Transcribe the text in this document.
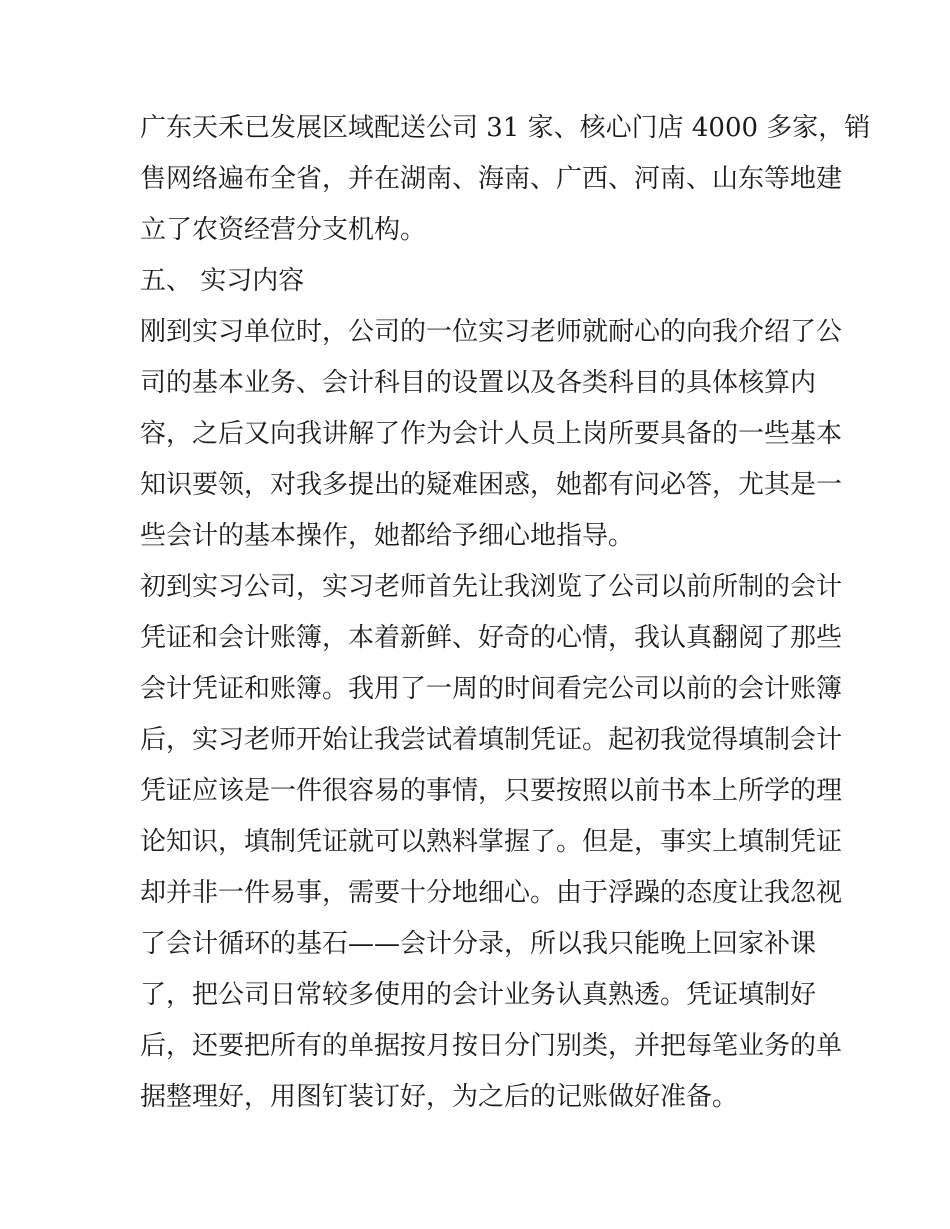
广东天禾已发展区域配送公司 31 家、核心门店 4000 多家，销
售网络遍布全省，并在湖南、海南、广西、河南、山东等地建
立了农资经营分支机构。
五、 实习内容
刚到实习单位时，公司的一位实习老师就耐心的向我介绍了公
司的基本业务、会计科目的设置以及各类科目的具体核算内
容，之后又向我讲解了作为会计人员上岗所要具备的一些基本
知识要领，对我多提出的疑难困惑，她都有问必答，尤其是一
些会计的基本操作，她都给予细心地指导。
初到实习公司，实习老师首先让我浏览了公司以前所制的会计
凭证和会计账簿，本着新鲜、好奇的心情，我认真翻阅了那些
会计凭证和账簿。我用了一周的时间看完公司以前的会计账簿
后，实习老师开始让我尝试着填制凭证。起初我觉得填制会计
凭证应该是一件很容易的事情，只要按照以前书本上所学的理
论知识，填制凭证就可以熟料掌握了。但是，事实上填制凭证
却并非一件易事，需要十分地细心。由于浮躁的态度让我忽视
了会计循环的基石——会计分录，所以我只能晚上回家补课
了，把公司日常较多使用的会计业务认真熟透。凭证填制好
后，还要把所有的单据按月按日分门别类，并把每笔业务的单
据整理好，用图钉装订好，为之后的记账做好准备。
